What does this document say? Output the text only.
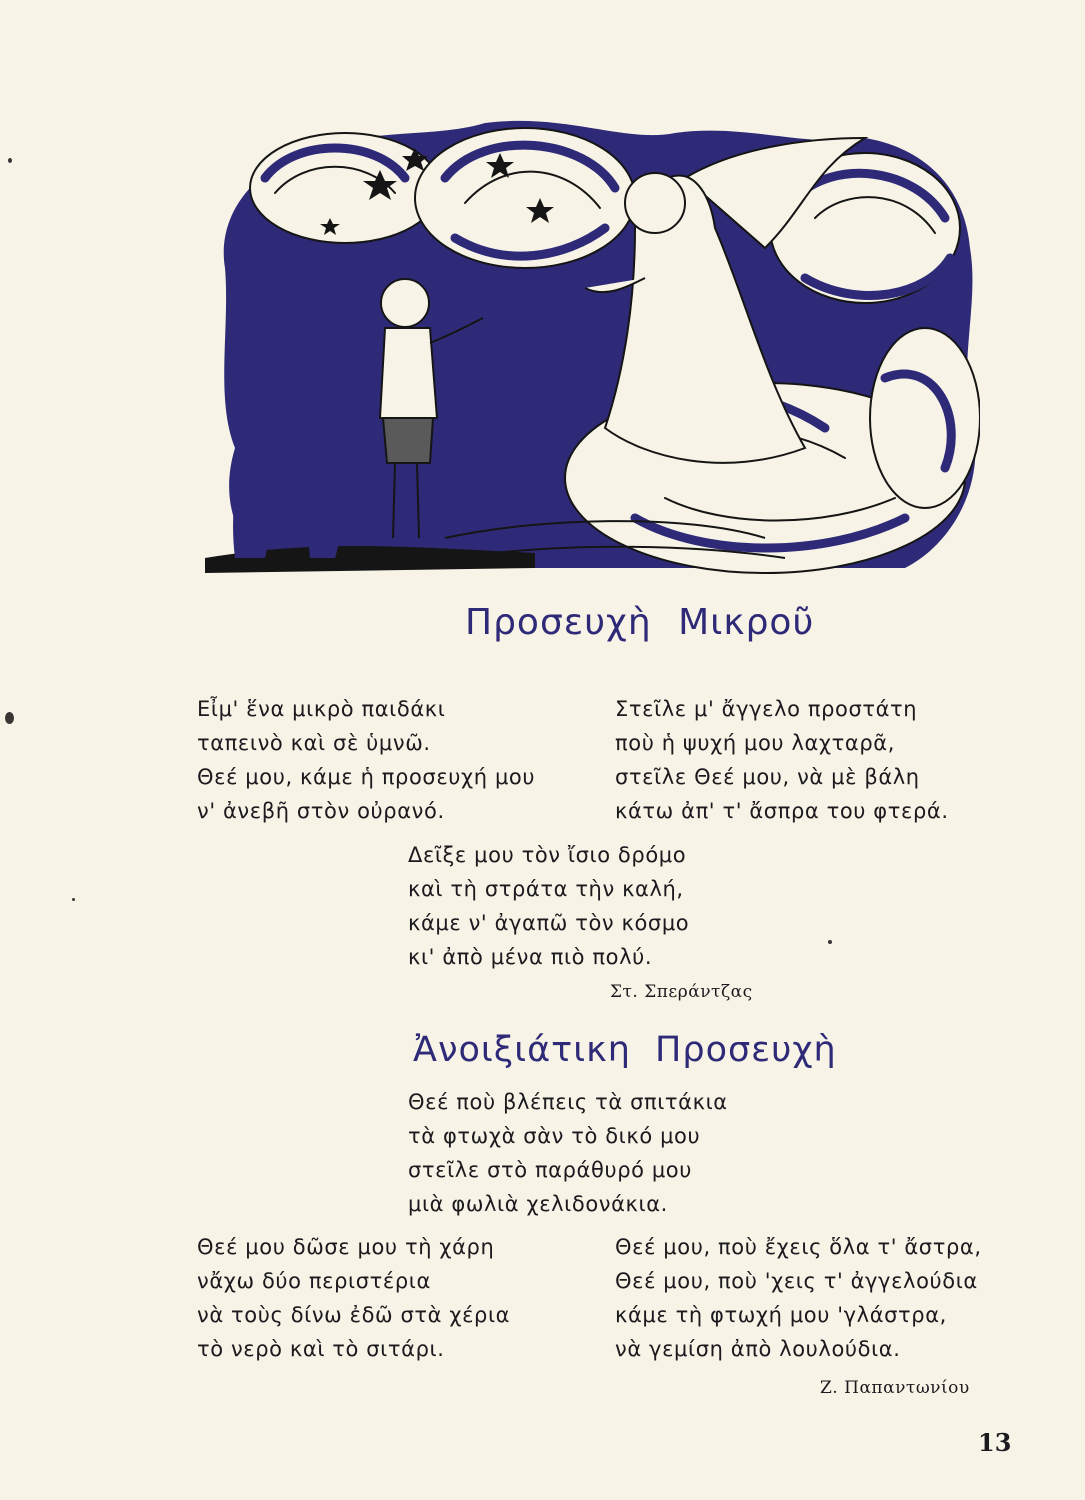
Προσευχὴ Μικροῦ
Εἶμ' ἕνα μικρὸ παιδάκι
ταπεινὸ καὶ σὲ ὑμνῶ.
Θεέ μου, κάμε ἡ προσευχή μου
ν' ἀνεβῆ στὸν οὐρανό.
Στεῖλε μ' ἄγγελο προστάτη
ποὺ ἡ ψυχή μου λαχταρᾶ,
στεῖλε Θεέ μου, νὰ μὲ βάλη
κάτω ἀπ' τ' ἄσπρα του φτερά.
Δεῖξε μου τὸν ἴσιο δρόμο
καὶ τὴ στράτα τὴν καλή,
κάμε ν' ἀγαπῶ τὸν κόσμο
κι' ἀπὸ μένα πιὸ πολύ.

Στ. Σπεράντζας

Ἀνοιξιάτικη Προσευχὴ
Θεέ ποὺ βλέπεις τὰ σπιτάκια
τὰ φτωχὰ σὰν τὸ δικό μου
στεῖλε στὸ παράθυρό μου
μιὰ φωλιὰ χελιδονάκια.
Θεέ μου δῶσε μου τὴ χάρη
νἄχω δύο περιστέρια
νὰ τοὺς δίνω ἐδῶ στὰ χέρια
τὸ νερὸ καὶ τὸ σιτάρι.
Θεέ μου, ποὺ ἔχεις ὅλα τ' ἄστρα,
Θεέ μου, ποὺ 'χεις τ' ἀγγελούδια
κάμε τὴ φτωχή μου 'γλάστρα,
νὰ γεμίση ἀπὸ λουλούδια.

Ζ. Παπαντωνίου

13
